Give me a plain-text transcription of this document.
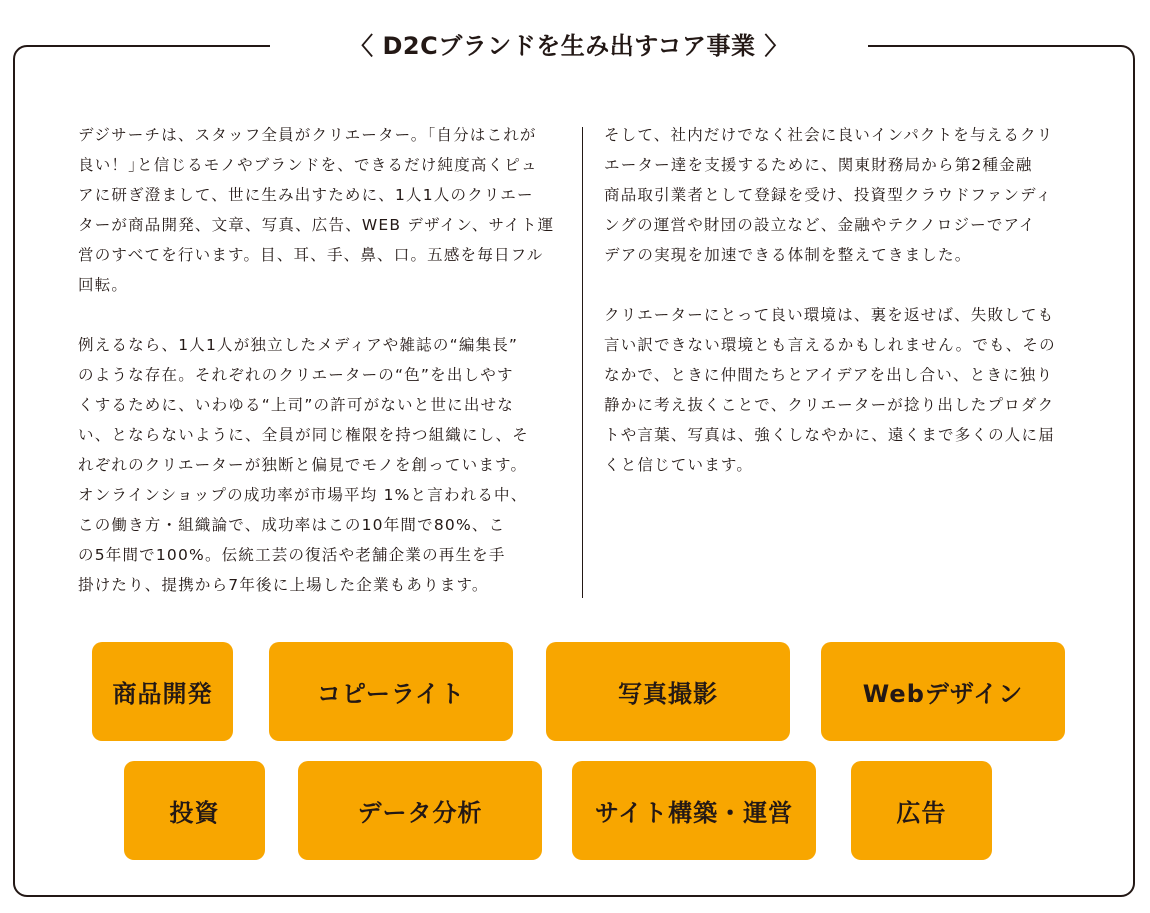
〈 D2Cブランドを生み出すコア事業 〉

デジサーチは、スタッフ全員がクリエーター。｢自分はこれが
良い！｣と信じるモノやブランドを、できるだけ純度高くピュ
アに研ぎ澄まして、世に生み出すために、1人1人のクリエー
ターが商品開発、文章、写真、広告、WEB デザイン、サイト運
営のすべてを行います。目、耳、手、鼻、口。五感を毎日フル
回転。

例えるなら、1人1人が独立したメディアや雑誌の“編集長”
のような存在。それぞれのクリエーターの“色”を出しやす
くするために、いわゆる“上司”の許可がないと世に出せな
い、とならないように、全員が同じ権限を持つ組織にし、そ
れぞれのクリエーターが独断と偏見でモノを創っています。
オンラインショップの成功率が市場平均 1%と言われる中、
この働き方・組織論で、成功率はこの10年間で80%、こ
の5年間で100%。伝統工芸の復活や老舗企業の再生を手
掛けたり、提携から7年後に上場した企業もあります。

そして、社内だけでなく社会に良いインパクトを与えるクリ
エーター達を支援するために、関東財務局から第2種金融
商品取引業者として登録を受け、投資型クラウドファンディ
ングの運営や財団の設立など、金融やテクノロジーでアイ
デアの実現を加速できる体制を整えてきました。

クリエーターにとって良い環境は、裏を返せば、失敗しても
言い訳できない環境とも言えるかもしれません。でも、その
なかで、ときに仲間たちとアイデアを出し合い、ときに独り
静かに考え抜くことで、クリエーターが捻り出したプロダク
トや言葉、写真は、強くしなやかに、遠くまで多くの人に届
くと信じています。

商品開発	コピーライト	写真撮影	Webデザイン
投資	データ分析	サイト構築・運営	広告
